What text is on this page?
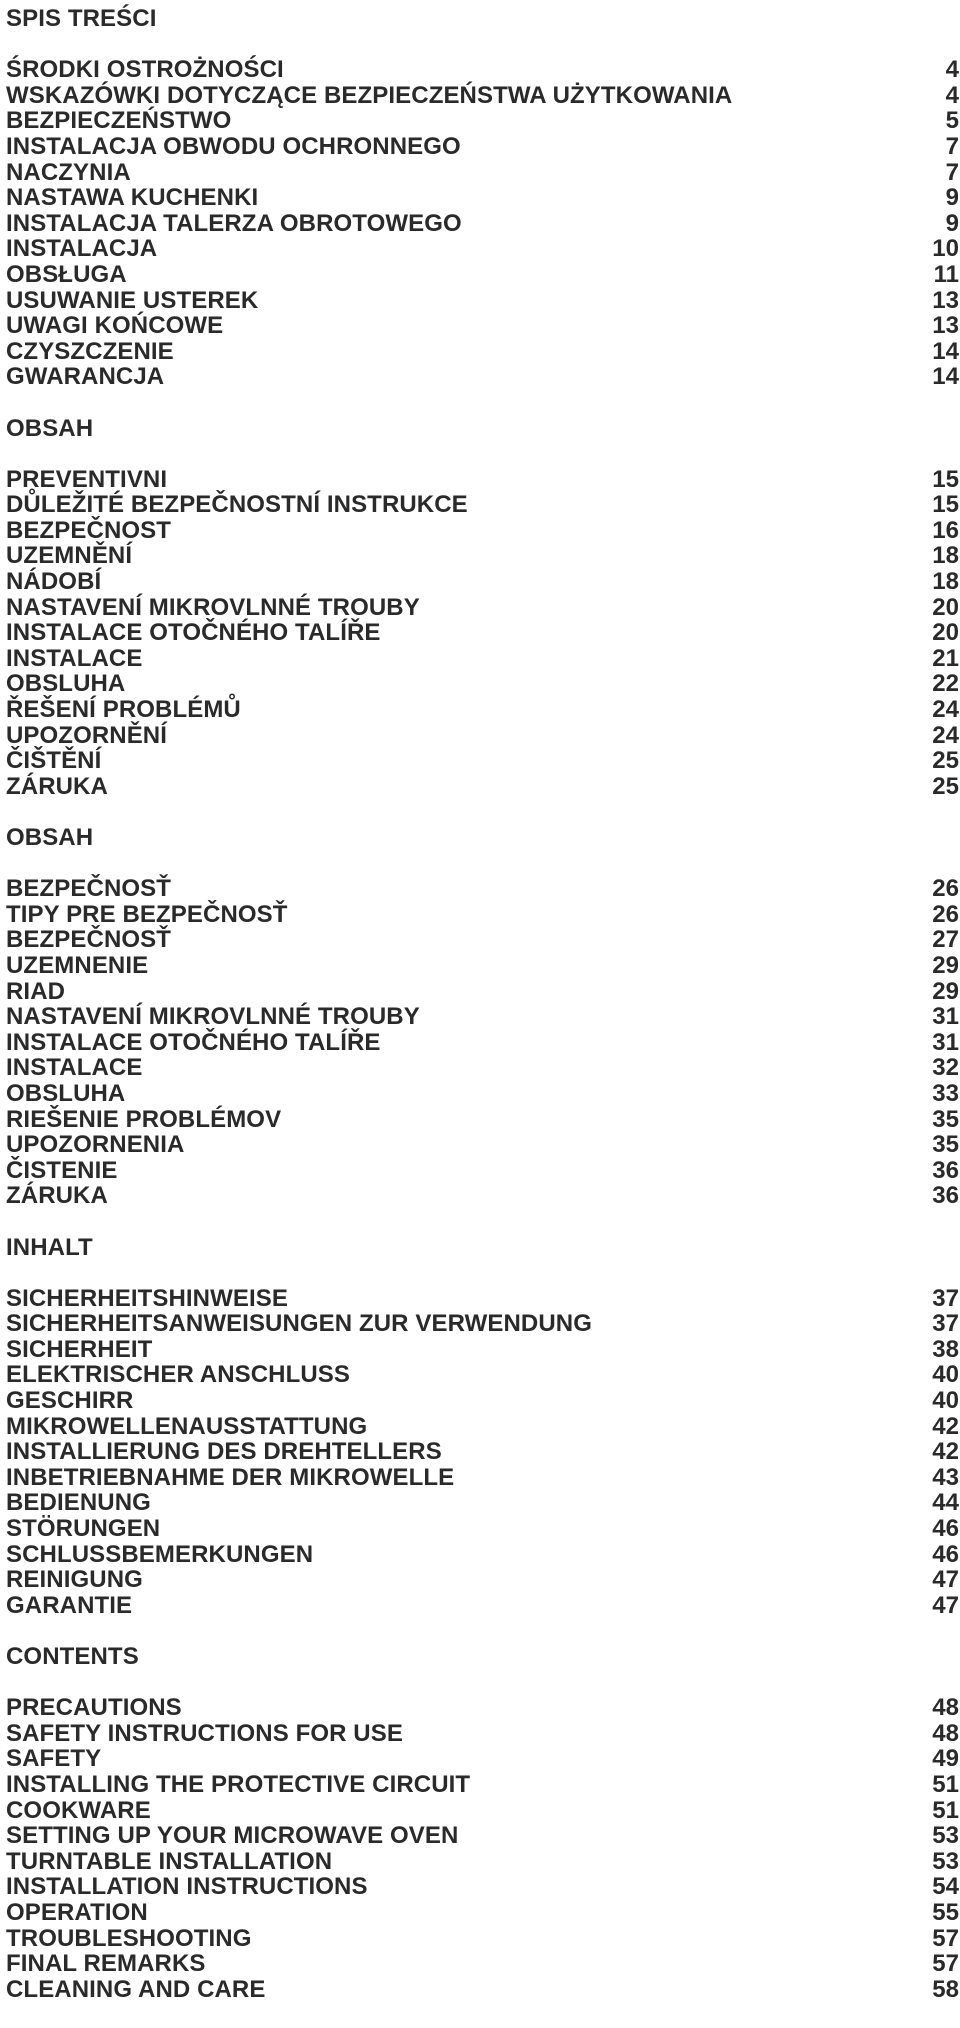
SPIS TREŚCI
ŚRODKI OSTROŻNOŚCI	4
WSKAZÓWKI DOTYCZĄCE BEZPIECZEŃSTWA UŻYTKOWANIA	4
BEZPIECZEŃSTWO	5
INSTALACJA OBWODU OCHRONNEGO	7
NACZYNIA	7
NASTAWA KUCHENKI	9
INSTALACJA TALERZA OBROTOWEGO	9
INSTALACJA	10
OBSŁUGA	11
USUWANIE USTEREK	13
UWAGI KOŃCOWE	13
CZYSZCZENIE	14
GWARANCJA	14
OBSAH
PREVENTIVNI	15
DŮLEŽITÉ BEZPEČNOSTNÍ INSTRUKCE	15
BEZPEČNOST	16
UZEMNĚNÍ	18
NÁDOBÍ	18
NASTAVENÍ MIKROVLNNÉ TROUBY	20
INSTALACE OTOČNÉHO TALÍŘE	20
INSTALACE	21
OBSLUHA	22
ŘEŠENÍ PROBLÉMŮ	24
UPOZORNĚNÍ	24
ČIŠTĚNÍ	25
ZÁRUKA	25
OBSAH
BEZPEČNOSŤ	26
TIPY PRE BEZPEČNOSŤ	26
BEZPEČNOSŤ	27
UZEMNENIE	29
RIAD	29
NASTAVENÍ MIKROVLNNÉ TROUBY	31
INSTALACE OTOČNÉHO TALÍŘE	31
INSTALACE	32
OBSLUHA	33
RIEŠENIE PROBLÉMOV	35
UPOZORNENIA	35
ČISTENIE	36
ZÁRUKA	36
INHALT
SICHERHEITSHINWEISE	37
SICHERHEITSANWEISUNGEN ZUR VERWENDUNG	37
SICHERHEIT	38
ELEKTRISCHER ANSCHLUSS	40
GESCHIRR	40
MIKROWELLENAUSSTATTUNG	42
INSTALLIERUNG DES DREHTELLERS	42
INBETRIEBNAHME DER MIKROWELLE	43
BEDIENUNG	44
STÖRUNGEN	46
SCHLUSSBEMERKUNGEN	46
REINIGUNG	47
GARANTIE	47
CONTENTS
PRECAUTIONS	48
SAFETY INSTRUCTIONS FOR USE	48
SAFETY	49
INSTALLING THE PROTECTIVE CIRCUIT	51
COOKWARE	51
SETTING UP YOUR MICROWAVE OVEN	53
TURNTABLE INSTALLATION	53
INSTALLATION INSTRUCTIONS	54
OPERATION	55
TROUBLESHOOTING	57
FINAL REMARKS	57
CLEANING AND CARE	58
